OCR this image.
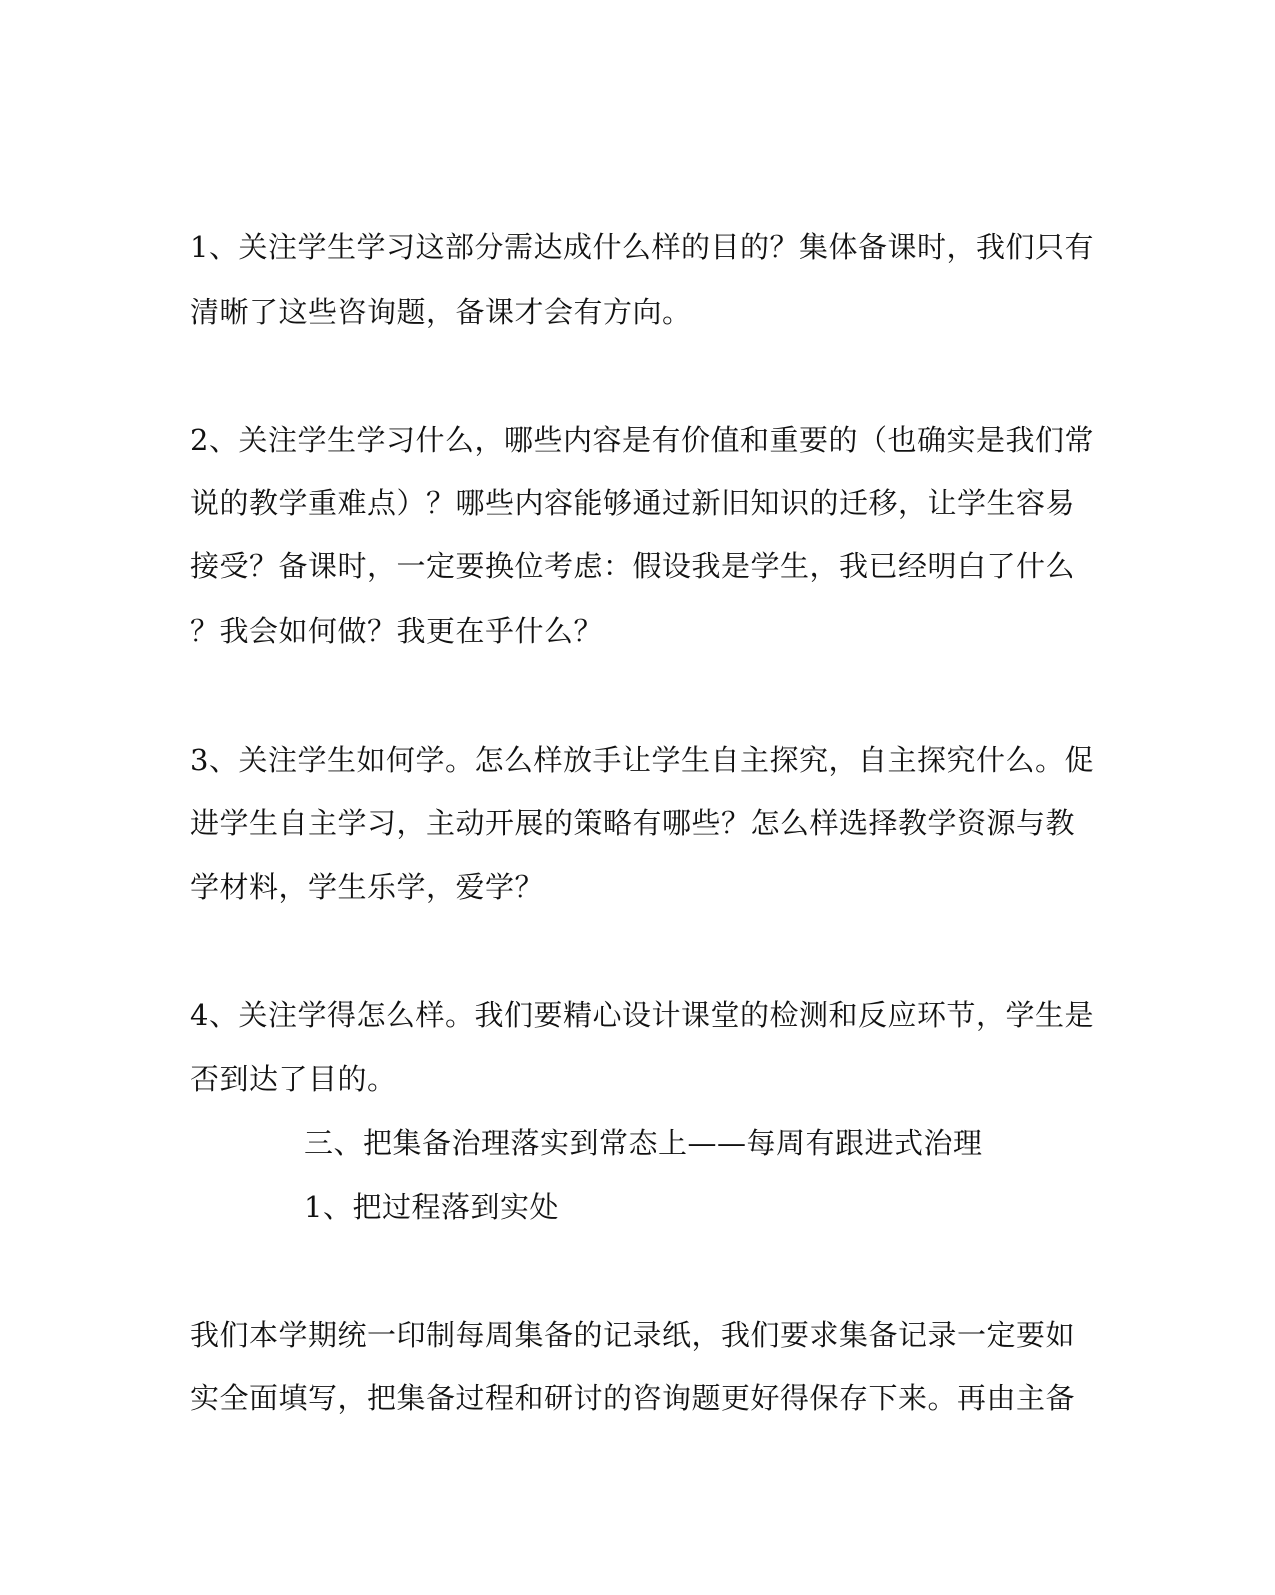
1、关注学生学习这部分需达成什么样的目的？集体备课时，我们只有
清晰了这些咨询题，备课才会有方向。
2、关注学生学习什么，哪些内容是有价值和重要的（也确实是我们常
说的教学重难点）？哪些内容能够通过新旧知识的迁移，让学生容易
接受？备课时，一定要换位考虑：假设我是学生，我已经明白了什么
？我会如何做？我更在乎什么？
3、关注学生如何学。怎么样放手让学生自主探究，自主探究什么。促
进学生自主学习，主动开展的策略有哪些？怎么样选择教学资源与教
学材料，学生乐学，爱学？
4、关注学得怎么样。我们要精心设计课堂的检测和反应环节，学生是
否到达了目的。
三、把集备治理落实到常态上——每周有跟进式治理
1、把过程落到实处
我们本学期统一印制每周集备的记录纸，我们要求集备记录一定要如
实全面填写，把集备过程和研讨的咨询题更好得保存下来。再由主备
